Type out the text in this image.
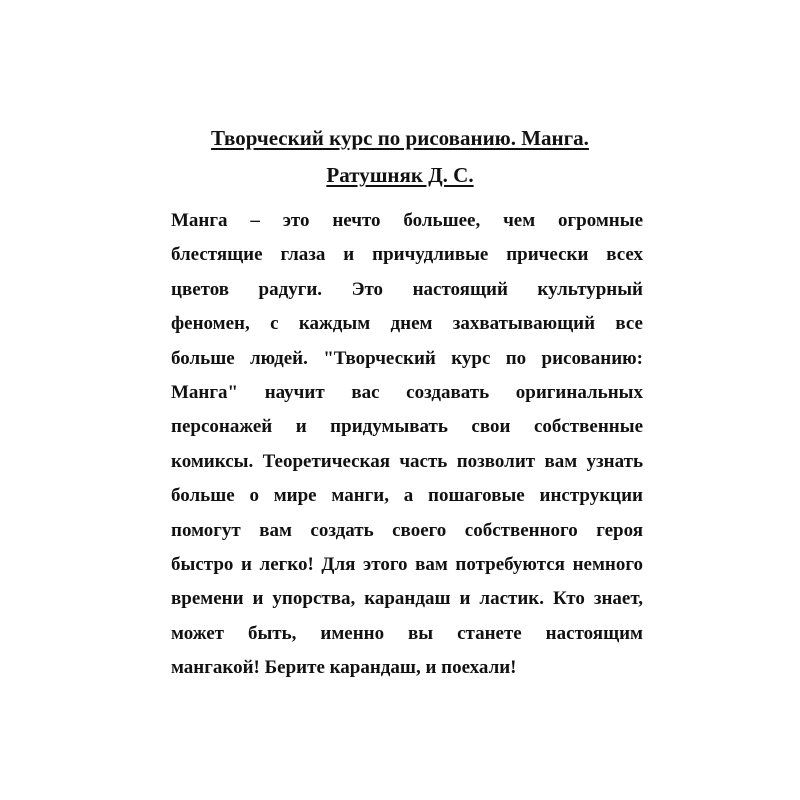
Творческий курс по рисованию. Манга.
Ратушняк Д. С.
Манга – это нечто большее, чем огромные
блестящие глаза и причудливые прически всех
цветов радуги. Это настоящий культурный
феномен, с каждым днем захватывающий все
больше людей. "Творческий курс по рисованию:
Манга" научит вас создавать оригинальных
персонажей и придумывать свои собственные
комиксы. Теоретическая часть позволит вам узнать
больше о мире манги, а пошаговые инструкции
помогут вам создать своего собственного героя
быстро и легко! Для этого вам потребуются немного
времени и упорства, карандаш и ластик. Кто знает,
может быть, именно вы станете настоящим
мангакой! Берите карандаш, и поехали!
